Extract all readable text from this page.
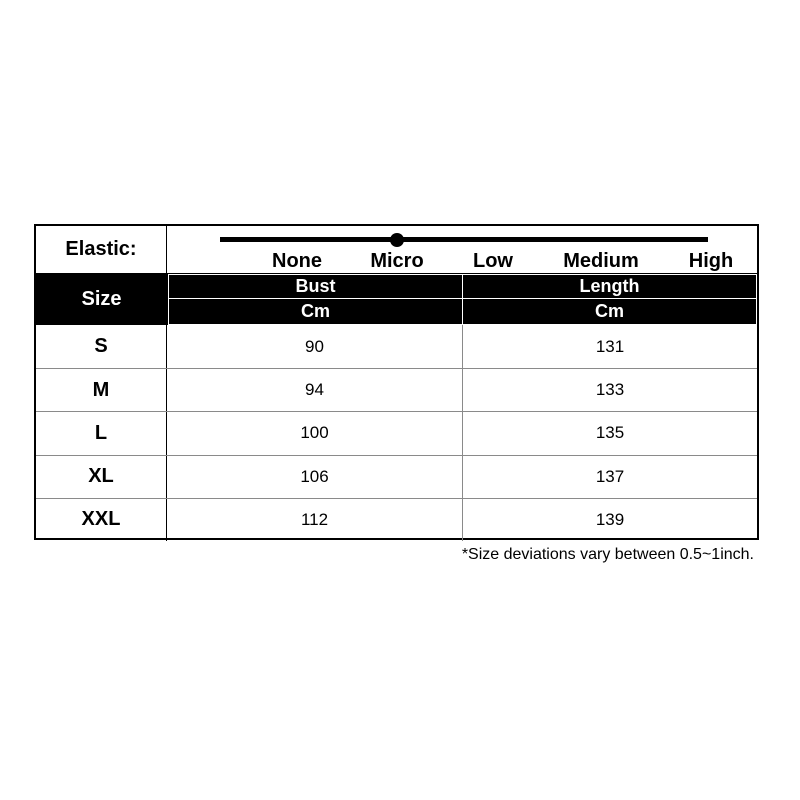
Elastic:
None Micro Low	Medium	High
Size
Bust	Length
Cm	Cm
S	90	131
M	94	133
L	100	135
XL	106	137
XXL	112	139
*Size deviations vary between 0.5~1inch.
